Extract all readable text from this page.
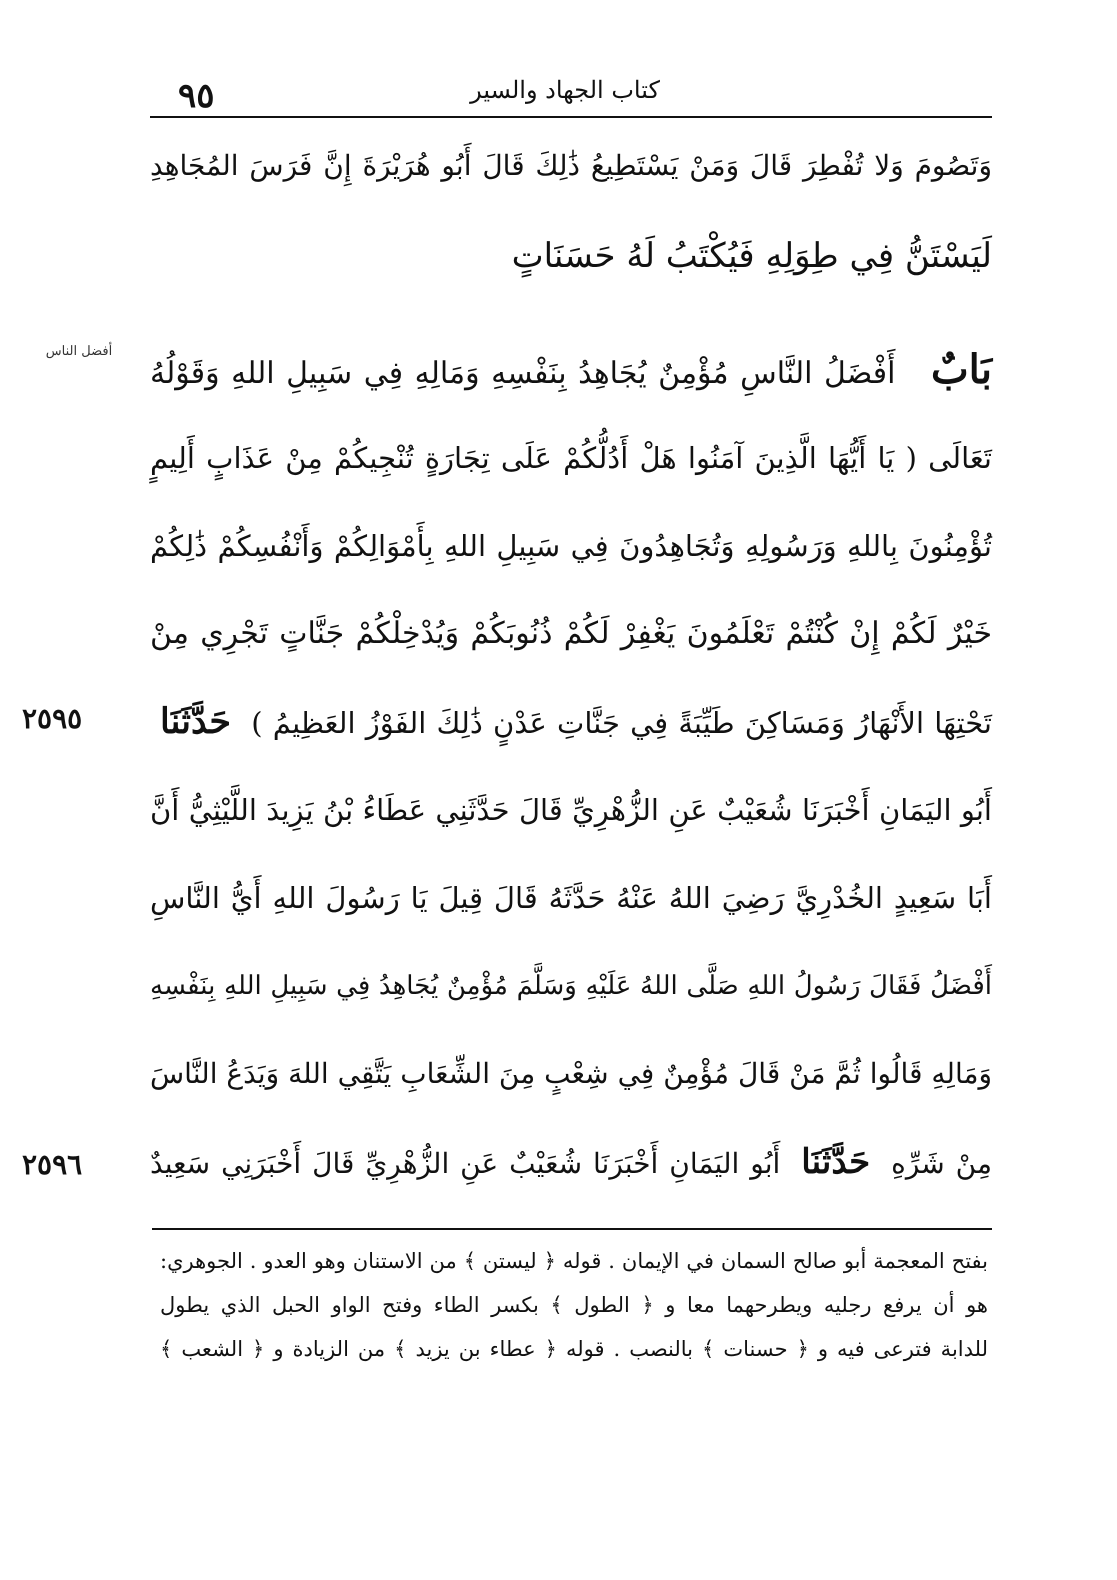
٩٥	كتاب الجهاد والسير
وَتَصُومَ وَلا تُفْطِرَ قَالَ وَمَنْ يَسْتَطِيعُ ذَٰلِكَ قَالَ أَبُو هُرَيْرَةَ إِنَّ فَرَسَ المُجَاهِدِ
لَيَسْتَنُّ فِي طِوَلِهِ فَيُكْتَبُ لَهُ حَسَنَاتٍ
أفضل الناس	بَابٌ أَفْضَلُ النَّاسِ مُؤْمِنٌ يُجَاهِدُ بِنَفْسِهِ وَمَالِهِ فِي سَبِيلِ اللهِ وَقَوْلُهُ
تَعَالَى ( يَا أَيُّهَا الَّذِينَ آمَنُوا هَلْ أَدُلُّكُمْ عَلَى تِجَارَةٍ تُنْجِيكُمْ مِنْ عَذَابٍ أَلِيمٍ
تُؤْمِنُونَ بِاللهِ وَرَسُولِهِ وَتُجَاهِدُونَ فِي سَبِيلِ اللهِ بِأَمْوَالِكُمْ وَأَنْفُسِكُمْ ذَٰلِكُمْ
خَيْرٌ لَكُمْ إِنْ كُنْتُمْ تَعْلَمُونَ يَغْفِرْ لَكُمْ ذُنُوبَكُمْ وَيُدْخِلْكُمْ جَنَّاتٍ تَجْرِي مِنْ
تَحْتِهَا الأَنْهَارُ وَمَسَاكِنَ طَيِّبَةً فِي جَنَّاتِ عَدْنٍ ذَٰلِكَ الفَوْزُ العَظِيمُ ) حَدَّثَنَا
٢٥٩٥
أَبُو اليَمَانِ أَخْبَرَنَا شُعَيْبٌ عَنِ الزُّهْرِيِّ قَالَ حَدَّثَنِي عَطَاءُ بْنُ يَزِيدَ اللَّيْثِيُّ أَنَّ
أَبَا سَعِيدٍ الخُدْرِيَّ رَضِيَ اللهُ عَنْهُ حَدَّثَهُ قَالَ قِيلَ يَا رَسُولَ اللهِ أَيُّ النَّاسِ
أَفْضَلُ فَقَالَ رَسُولُ اللهِ صَلَّى اللهُ عَلَيْهِ وَسَلَّمَ مُؤْمِنٌ يُجَاهِدُ فِي سَبِيلِ اللهِ بِنَفْسِهِ
وَمَالِهِ قَالُوا ثُمَّ مَنْ قَالَ مُؤْمِنٌ فِي شِعْبٍ مِنَ الشِّعَابِ يَتَّقِي اللهَ وَيَدَعُ النَّاسَ
مِنْ شَرِّهِ حَدَّثَنَا أَبُو اليَمَانِ أَخْبَرَنَا شُعَيْبٌ عَنِ الزُّهْرِيِّ قَالَ أَخْبَرَنِي سَعِيدٌ
٢٥٩٦
بفتح المعجمة أبو صالح السمان في الإيمان . قوله ﴿ ليستن ﴾ من الاستنان وهو العدو . الجوهري:
هو أن يرفع رجليه ويطرحهما معا و ﴿ الطول ﴾ بكسر الطاء وفتح الواو الحبل الذي يطول
للدابة فترعى فيه و ﴿ حسنات ﴾ بالنصب . قوله ﴿ عطاء بن يزيد ﴾ من الزيادة و ﴿ الشعب ﴾
